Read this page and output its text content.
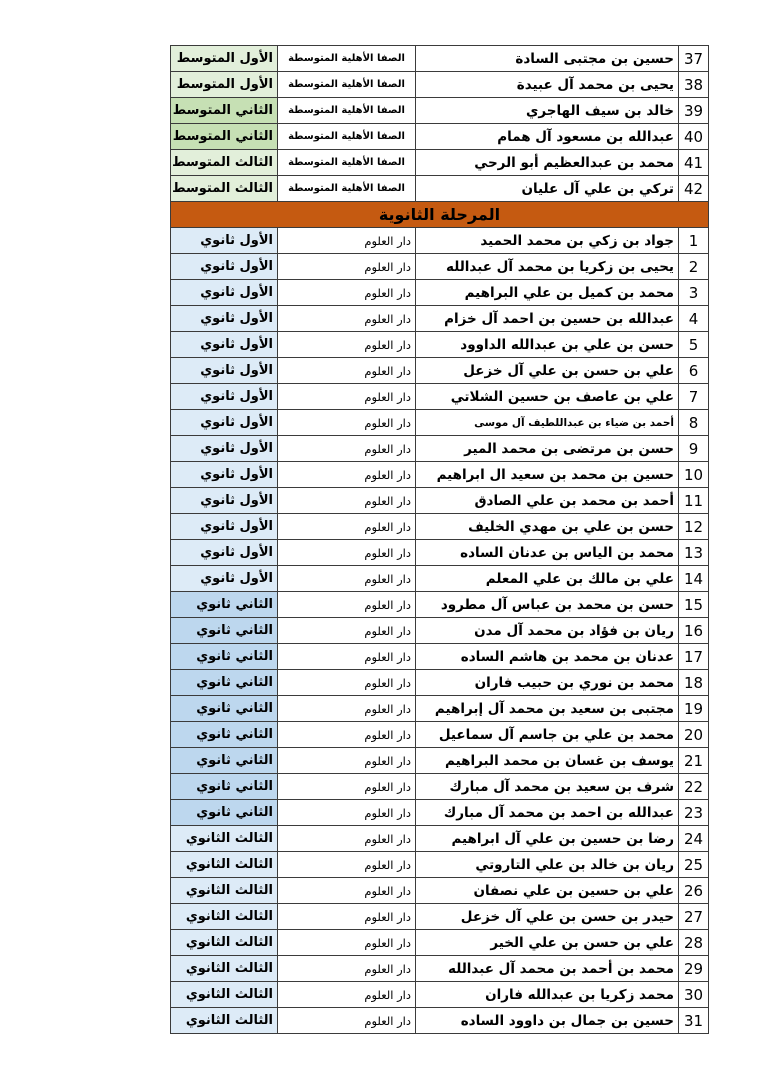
37	حسين بن مجتبى السادة	الصفا الأهلية المتوسطة	الأول المتوسط
38	يحيى بن محمد آل عبيدة	الصفا الأهلية المتوسطة	الأول المتوسط
39	خالد بن سيف الهاجري	الصفا الأهلية المتوسطة	الثاني المتوسط
40	عبدالله بن مسعود آل همام	الصفا الأهلية المتوسطة	الثاني المتوسط
41	محمد بن عبدالعظيم أبو الرحي	الصفا الأهلية المتوسطة	الثالث المتوسط
42	تركي بن علي آل عليان	الصفا الأهلية المتوسطة	الثالث المتوسط
المرحلة الثانوية			
1	جواد بن زكي بن محمد الحميد	دار العلوم	الأول ثانوي
2	يحيى بن زكريا بن محمد آل عبدالله	دار العلوم	الأول ثانوي
3	محمد بن كميل بن علي البراهيم	دار العلوم	الأول ثانوي
4	عبدالله بن حسين بن احمد آل خزام	دار العلوم	الأول ثانوي
5	حسن بن علي بن عبدالله الداوود	دار العلوم	الأول ثانوي
6	علي بن حسن بن علي آل خزعل	دار العلوم	الأول ثانوي
7	علي بن عاصف بن حسين الشلاتي	دار العلوم	الأول ثانوي
8	أحمد بن ضياء بن عبداللطيف آل موسى	دار العلوم	الأول ثانوي
9	حسن بن مرتضى بن محمد المير	دار العلوم	الأول ثانوي
10	حسين بن محمد بن سعيد ال ابراهيم	دار العلوم	الأول ثانوي
11	أحمد بن محمد بن علي الصادق	دار العلوم	الأول ثانوي
12	حسن بن علي بن مهدي الخليف	دار العلوم	الأول ثانوي
13	محمد بن الياس بن عدنان الساده	دار العلوم	الأول ثانوي
14	علي بن مالك بن علي المعلم	دار العلوم	الأول ثانوي
15	حسن بن محمد بن عباس آل مطرود	دار العلوم	الثاني ثانوي
16	ريان بن فؤاد بن محمد آل مدن	دار العلوم	الثاني ثانوي
17	عدنان بن محمد بن هاشم الساده	دار العلوم	الثاني ثانوي
18	محمد بن نوري بن حبيب فاران	دار العلوم	الثاني ثانوي
19	مجتبى بن سعيد بن محمد آل إبراهيم	دار العلوم	الثاني ثانوي
20	محمد بن علي بن جاسم آل سماعيل	دار العلوم	الثاني ثانوي
21	يوسف بن غسان بن محمد البراهيم	دار العلوم	الثاني ثانوي
22	شرف بن سعيد بن محمد آل مبارك	دار العلوم	الثاني ثانوي
23	عبدالله بن احمد بن محمد آل مبارك	دار العلوم	الثاني ثانوي
24	رضا بن حسين بن علي آل ابراهيم	دار العلوم	الثالث الثانوي
25	ريان بن خالد بن علي التاروتي	دار العلوم	الثالث الثانوي
26	علي بن حسين بن علي نصفان	دار العلوم	الثالث الثانوي
27	حيدر بن حسن بن علي آل خزعل	دار العلوم	الثالث الثانوي
28	علي بن حسن بن علي الخير	دار العلوم	الثالث الثانوي
29	محمد بن أحمد بن محمد آل عبدالله	دار العلوم	الثالث الثانوي
30	محمد زكريا بن عبدالله فاران	دار العلوم	الثالث الثانوي
31	حسين بن جمال بن داوود الساده	دار العلوم	الثالث الثانوي
